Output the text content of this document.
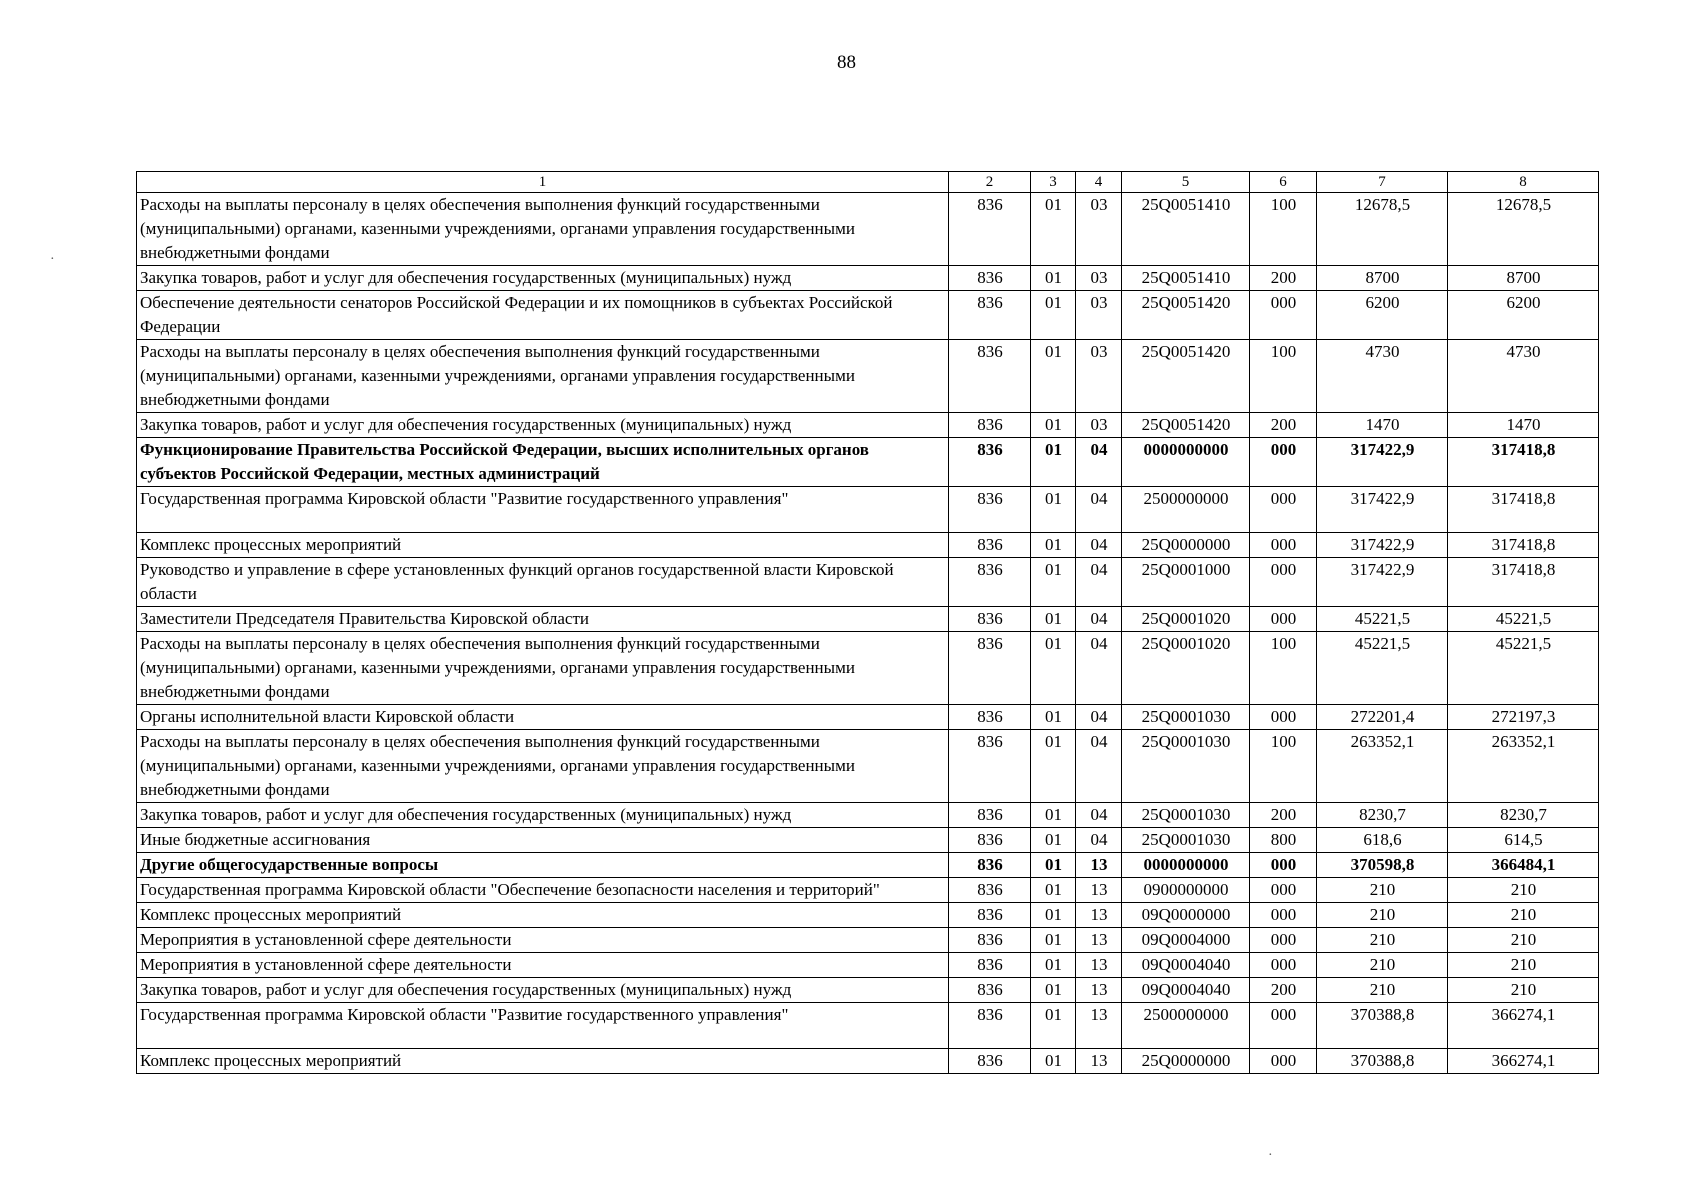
88
·
·
1	2	3	4	5	6	7	8
Расходы на выплаты персоналу в целях обеспечения выполнения функций государственными (муниципальными) органами, казенными учреждениями, органами управления государственными внебюджетными фондами	836	01	03	25Q0051410	100	12678,5	12678,5
Закупка товаров, работ и услуг для обеспечения государственных (муниципальных) нужд	836	01	03	25Q0051410	200	8700	8700
Обеспечение деятельности сенаторов Российской Федерации и их помощников в субъектах Российской Федерации	836	01	03	25Q0051420	000	6200	6200
Расходы на выплаты персоналу в целях обеспечения выполнения функций государственными (муниципальными) органами, казенными учреждениями, органами управления государственными внебюджетными фондами	836	01	03	25Q0051420	100	4730	4730
Закупка товаров, работ и услуг для обеспечения государственных (муниципальных) нужд	836	01	03	25Q0051420	200	1470	1470
Функционирование Правительства Российской Федерации, высших исполнительных органов субъектов Российской Федерации, местных администраций	836	01	04	0000000000	000	317422,9	317418,8
Государственная программа Кировской области "Развитие государственного управления"	836	01	04	2500000000	000	317422,9	317418,8
Комплекс процессных мероприятий	836	01	04	25Q0000000	000	317422,9	317418,8
Руководство и управление в сфере установленных функций органов государственной власти Кировской области	836	01	04	25Q0001000	000	317422,9	317418,8
Заместители Председателя Правительства Кировской области	836	01	04	25Q0001020	000	45221,5	45221,5
Расходы на выплаты персоналу в целях обеспечения выполнения функций государственными (муниципальными) органами, казенными учреждениями, органами управления государственными внебюджетными фондами	836	01	04	25Q0001020	100	45221,5	45221,5
Органы исполнительной власти Кировской области	836	01	04	25Q0001030	000	272201,4	272197,3
Расходы на выплаты персоналу в целях обеспечения выполнения функций государственными (муниципальными) органами, казенными учреждениями, органами управления государственными внебюджетными фондами	836	01	04	25Q0001030	100	263352,1	263352,1
Закупка товаров, работ и услуг для обеспечения государственных (муниципальных) нужд	836	01	04	25Q0001030	200	8230,7	8230,7
Иные бюджетные ассигнования	836	01	04	25Q0001030	800	618,6	614,5
Другие общегосударственные вопросы	836	01	13	0000000000	000	370598,8	366484,1
Государственная программа Кировской области "Обеспечение безопасности населения и территорий"	836	01	13	0900000000	000	210	210
Комплекс процессных мероприятий	836	01	13	09Q0000000	000	210	210
Мероприятия в установленной сфере деятельности	836	01	13	09Q0004000	000	210	210
Мероприятия в установленной сфере деятельности	836	01	13	09Q0004040	000	210	210
Закупка товаров, работ и услуг для обеспечения государственных (муниципальных) нужд	836	01	13	09Q0004040	200	210	210
Государственная программа Кировской области "Развитие государственного управления"	836	01	13	2500000000	000	370388,8	366274,1
Комплекс процессных мероприятий	836	01	13	25Q0000000	000	370388,8	366274,1
